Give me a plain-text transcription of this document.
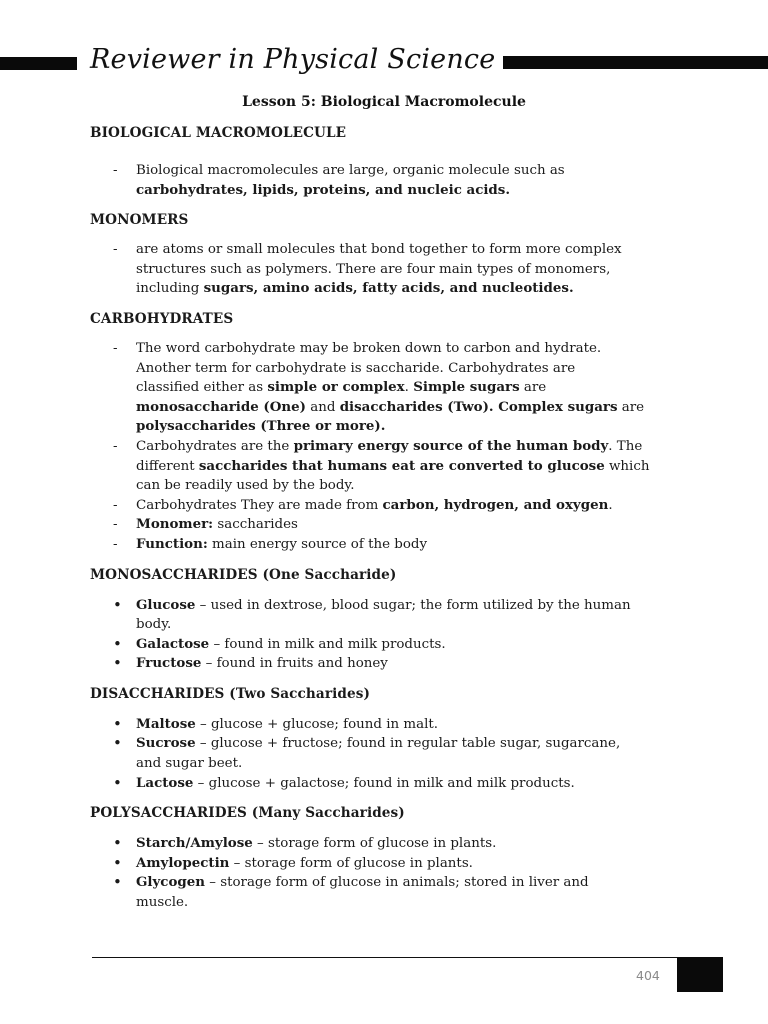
Reviewer in Physical Science
Lesson 5: Biological Macromolecule
BIOLOGICAL MACROMOLECULE
-	Biological macromolecules are large, organic molecule such as
carbohydrates, lipids, proteins, and nucleic acids.
MONOMERS
-	are atoms or small molecules that bond together to form more complex
structures such as polymers. There are four main types of monomers,
including sugars, amino acids, fatty acids, and nucleotides.
CARBOHYDRATES
-	The word carbohydrate may be broken down to carbon and hydrate.
Another term for carbohydrate is saccharide. Carbohydrates are
classified either as simple or complex. Simple sugars are
monosaccharide (One) and disaccharides (Two). Complex sugars are
polysaccharides (Three or more).
-	Carbohydrates are the primary energy source of the human body. The
different saccharides that humans eat are converted to glucose which
can be readily used by the body.
-	Carbohydrates They are made from carbon, hydrogen, and oxygen.
-	Monomer: saccharides
-	Function: main energy source of the body
MONOSACCHARIDES (One Saccharide)
•	Glucose – used in dextrose, blood sugar; the form utilized by the human
body.
•	Galactose – found in milk and milk products.
•	Fructose – found in fruits and honey
DISACCHARIDES (Two Saccharides)
•	Maltose – glucose + glucose; found in malt.
•	Sucrose – glucose + fructose; found in regular table sugar, sugarcane,
and sugar beet.
•	Lactose – glucose + galactose; found in milk and milk products.
POLYSACCHARIDES (Many Saccharides)
•	Starch/Amylose – storage form of glucose in plants.
•	Amylopectin – storage form of glucose in plants.
•	Glycogen – storage form of glucose in animals; stored in liver and
muscle.
404
